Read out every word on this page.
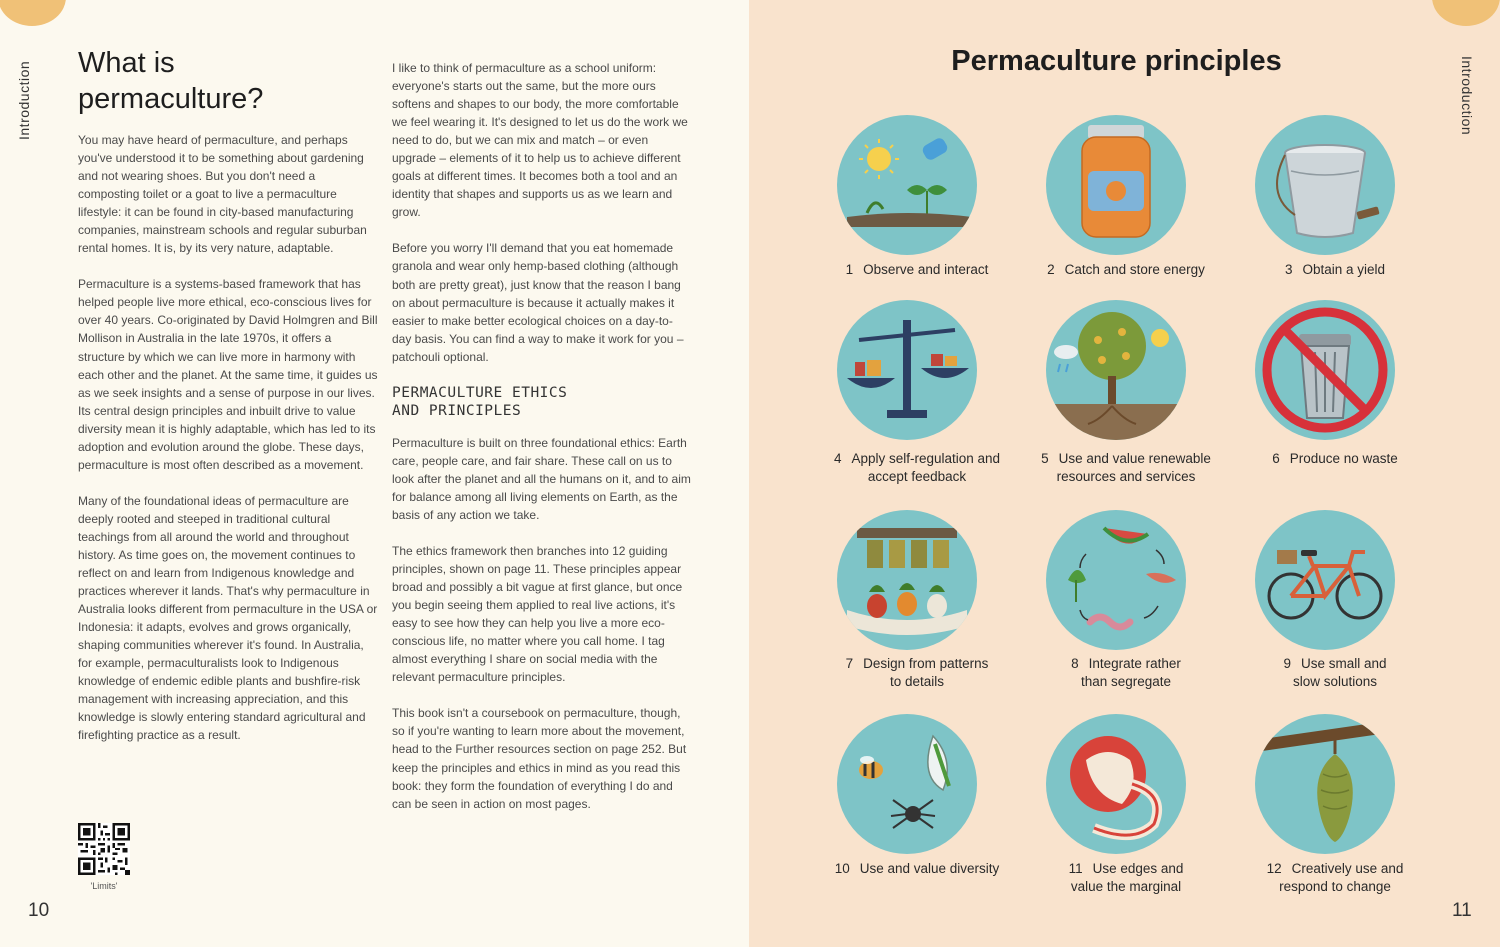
Introduction What is permaculture?

You may have heard of permaculture, and perhaps you've understood it to be something about gardening and not wearing shoes. But you don't need a composting toilet or a goat to live a permaculture lifestyle: it can be found in city-based manufacturing companies, mainstream schools and regular suburban rental homes. It is, by its very nature, adaptable.

Permaculture is a systems-based framework that has helped people live more ethical, eco-conscious lives for over 40 years. Co-originated by David Holmgren and Bill Mollison in Australia in the late 1970s, it offers a structure by which we can live more in harmony with each other and the planet. At the same time, it guides us as we seek insights and a sense of purpose in our lives. Its central design principles and inbuilt drive to value diversity mean it is highly adaptable, which has led to its adoption and evolution around the globe. These days, permaculture is most often described as a movement.

Many of the foundational ideas of permaculture are deeply rooted and steeped in traditional cultural teachings from all around the world and throughout history. As time goes on, the movement continues to reflect on and learn from Indigenous knowledge and practices wherever it lands. That's why permaculture in Australia looks different from permaculture in the USA or Indonesia: it adapts, evolves and grows organically, shaping communities wherever it's found. In Australia, for example, permaculturalists look to Indigenous knowledge of endemic edible plants and bushfire-risk management with increasing appreciation, and this knowledge is slowly entering standard agricultural and firefighting practice as a result.

I like to think of permaculture as a school uniform: everyone's starts out the same, but the more ours softens and shapes to our body, the more comfortable we feel wearing it. It's designed to let us do the work we need to do, but we can mix and match – or even upgrade – elements of it to help us to achieve different goals at different times. It becomes both a tool and an identity that shapes and supports us as we learn and grow.

Before you worry I'll demand that you eat homemade granola and wear only hemp-based clothing (although both are pretty great), just know that the reason I bang on about permaculture is because it actually makes it easier to make better ecological choices on a day-to-day basis. You can find a way to make it work for you – patchouli optional.

PERMACULTURE ETHICS
AND PRINCIPLES

Permaculture is built on three foundational ethics: Earth care, people care, and fair share. These call on us to look after the planet and all the humans on it, and to aim for balance among all living elements on Earth, as the basis of any action we take.

The ethics framework then branches into 12 guiding principles, shown on page 11. These principles appear broad and possibly a bit vague at first glance, but once you begin seeing them applied to real live actions, it's easy to see how they can help you live a more eco-conscious life, no matter where you call home. I tag almost everything I share on social media with the relevant permaculture principles.

This book isn't a coursebook on permaculture, though, so if you're wanting to learn more about the movement, head to the Further resources section on page 252. But keep the principles and ethics in mind as you read this book: they form the foundation of everything I do and can be seen in action on most pages.

'Limits'
10
Introduction
Permaculture principles
1 Observe and interact	2 Catch and store energy	3 Obtain a yield

4 Apply self-regulation and
accept feedback
5 Use and value renewable
resources and services
6 Produce no waste

7 Design from patterns
to details
8 Integrate rather
than segregate
9 Use small and
slow solutions
10 Use and value diversity	11 Use edges and
value the marginal
12 Creatively use and
respond to change
11
